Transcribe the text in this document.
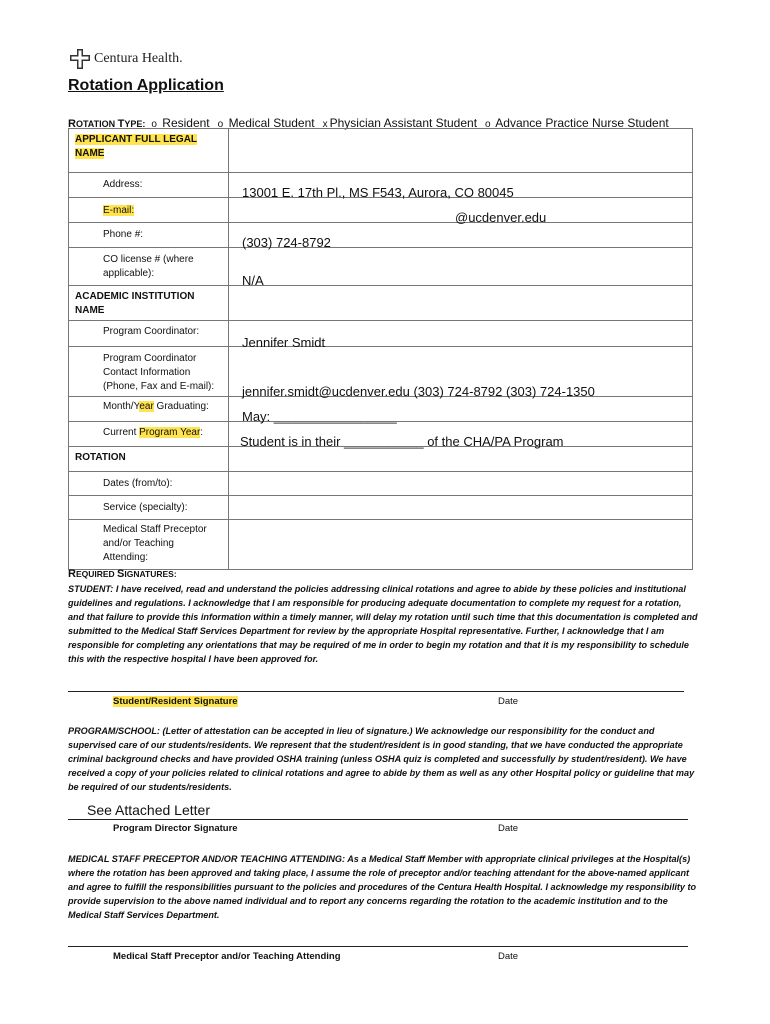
Centura Health.
Rotation Application
ROTATION TYPE: o Resident o Medical Student x Physician Assistant Student o Advance Practice Nurse Student
APPLICANT FULL LEGAL NAME	

Address:	13001 E. 17th Pl., MS F543, Aurora, CO 80045

E-mail:	@ucdenver.edu

Phone #:	(303) 724-8792

CO license # (where applicable):	N/A

ACADEMIC INSTITUTION NAME	

Program Coordinator:	Jennifer Smidt

Program Coordinator Contact Information (Phone, Fax and E-mail):	jennifer.smidt@ucdenver.edu (303) 724-8792 (303) 724-1350

Month/Year Graduating:	May: _________________

Current Program Year:	Student is in their ___________ of the CHA/PA Program

ROTATION	

Dates (from/to):	

Service (specialty):	

Medical Staff Preceptor and/or Teaching Attending:	

REQUIRED SIGNATURES:
STUDENT: I have received, read and understand the policies addressing clinical rotations and agree to abide by these policies and institutional guidelines and regulations. I acknowledge that I am responsible for producing adequate documentation to complete my request for a rotation, and that failure to provide this information within a timely manner, will delay my rotation until such time that this documentation is completed and submitted to the Medical Staff Services Department for review by the appropriate Hospital representative. Further, I acknowledge that I am responsible for completing any orientations that may be required of me in order to begin my rotation and that it is my responsibility to schedule this with the respective hospital I have been approved for.
Student/Resident Signature	Date
PROGRAM/SCHOOL: (Letter of attestation can be accepted in lieu of signature.) We acknowledge our responsibility for the conduct and supervised care of our students/residents. We represent that the student/resident is in good standing, that we have conducted the appropriate criminal background checks and have provided OSHA training (unless OSHA quiz is completed and successfully by student/resident). We have received a copy of your policies related to clinical rotations and agree to abide by them as well as any other Hospital policy or guideline that may be required of our students/residents.
See Attached Letter
Program Director Signature	Date
MEDICAL STAFF PRECEPTOR AND/OR TEACHING ATTENDING: As a Medical Staff Member with appropriate clinical privileges at the Hospital(s) where the rotation has been approved and taking place, I assume the role of preceptor and/or teaching attendant for the above-named applicant and agree to fulfill the responsibilities pursuant to the policies and procedures of the Centura Health Hospital. I acknowledge my responsibility to provide supervision to the above named individual and to report any concerns regarding the rotation to the academic institution and to the Medical Staff Services Department.
Medical Staff Preceptor and/or Teaching Attending	Date
